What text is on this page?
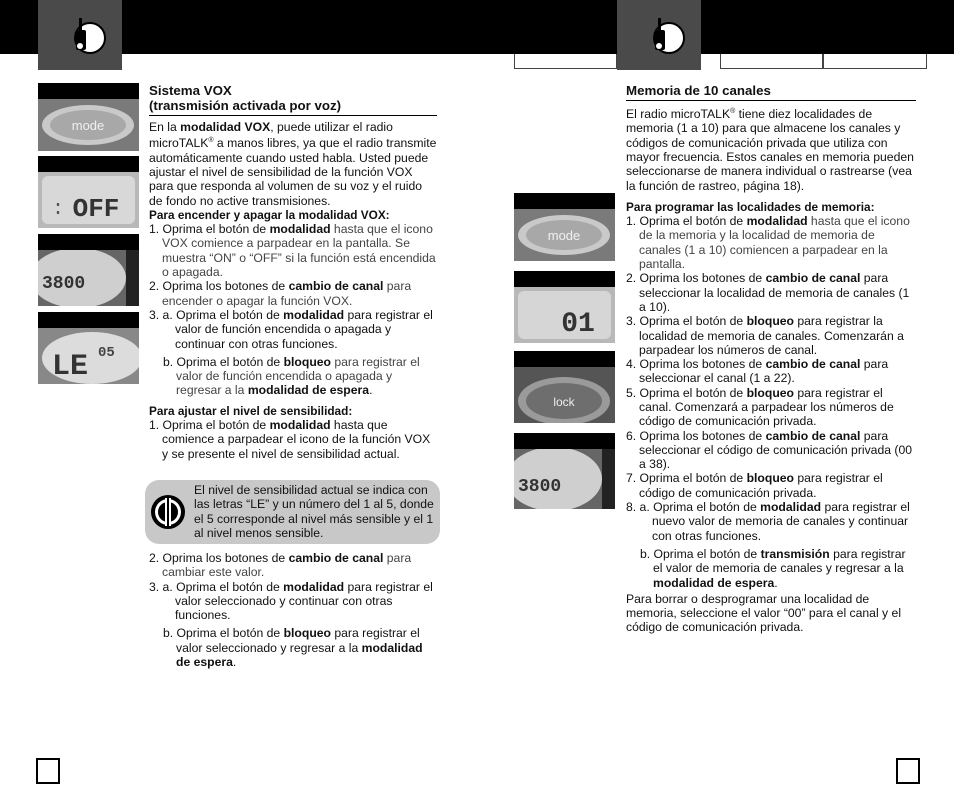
mode
OFF
:
3800
LE 05
Sistema VOX
(transmisión activada por voz)

En la modalidad VOX, puede utilizar el radio microTALK® a manos libres, ya que el radio transmite automáticamente cuando usted habla. Usted puede ajustar el nivel de sensibilidad de la función VOX para que responda al volumen de su voz y el ruido de fondo no active transmisiones.

Para encender y apagar la modalidad VOX:

1. Oprima el botón de modalidad hasta que el icono VOX comience a parpadear en la pantalla. Se muestra “ON” o “OFF” si la función está encendida o apagada.

2. Oprima los botones de cambio de canal para encender o apagar la función VOX.

3. a. Oprima el botón de modalidad para registrar el valor de función encendida o apagada y continuar con otras funciones.

b. Oprima el botón de bloqueo para registrar el valor de función encendida o apagada y regresar a la modalidad de espera.

Para ajustar el nivel de sensibilidad:

1. Oprima el botón de modalidad hasta que comience a parpadear el icono de la función VOX y se presente el nivel de sensibilidad actual.

El nivel de sensibilidad actual se indica con las letras “LE” y un número del 1 al 5, donde el 5 corresponde al nivel más sensible y el 1 al nivel menos sensible.

2. Oprima los botones de cambio de canal para cambiar este valor.

3. a. Oprima el botón de modalidad para registrar el valor seleccionado y continuar con otras funciones.

b. Oprima el botón de bloqueo para registrar el valor seleccionado y regresar a la modalidad de espera.

mode
01
lock
3800
Memoria de 10 canales

El radio microTALK® tiene diez localidades de memoria (1 a 10) para que almacene los canales y códigos de comunicación privada que utiliza con mayor frecuencia. Estos canales en memoria pueden seleccionarse de manera individual o rastrearse (vea la función de rastreo, página 18).

Para programar las localidades de memoria:

1. Oprima el botón de modalidad hasta que el icono de la memoria y la localidad de memoria de canales (1 a 10) comiencen a parpadear en la pantalla.

2. Oprima los botones de cambio de canal para seleccionar la localidad de memoria de canales (1 a 10).

3. Oprima el botón de bloqueo para registrar la localidad de memoria de canales. Comenzarán a parpadear los números de canal.

4. Oprima los botones de cambio de canal para seleccionar el canal (1 a 22).

5. Oprima el botón de bloqueo para registrar el canal. Comenzará a parpadear los números de código de comunicación privada.

6. Oprima los botones de cambio de canal para seleccionar el código de comunicación privada (00 a 38).

7. Oprima el botón de bloqueo para registrar el código de comunicación privada.

8. a. Oprima el botón de modalidad para registrar el nuevo valor de memoria de canales y continuar con otras funciones.

b. Oprima el botón de transmisión para registrar el valor de memoria de canales y regresar a la modalidad de espera.

Para borrar o desprogramar una localidad de memoria, seleccione el valor “00” para el canal y el código de comunicación privada.
